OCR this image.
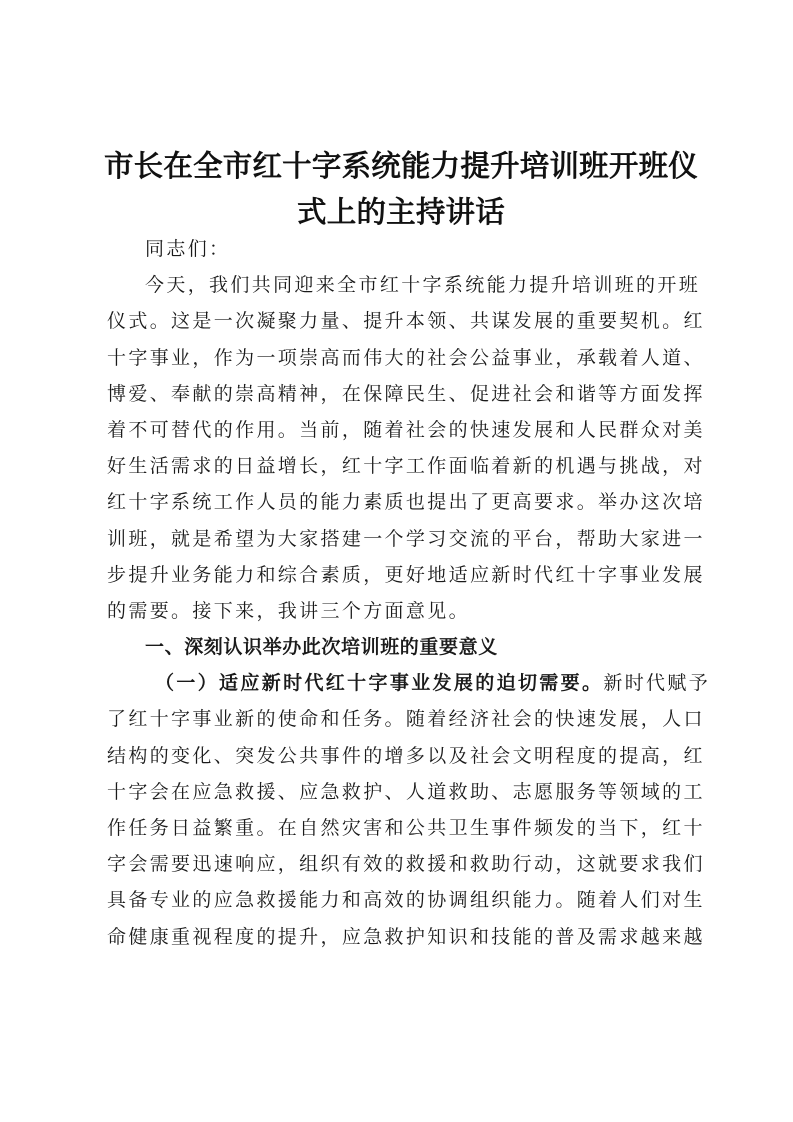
市长在全市红十字系统能力提升培训班开班仪
式上的主持讲话
同志们：
今天，我们共同迎来全市红十字系统能力提升培训班的开班
仪式。这是一次凝聚力量、提升本领、共谋发展的重要契机。红
十字事业，作为一项崇高而伟大的社会公益事业，承载着人道、
博爱、奉献的崇高精神，在保障民生、促进社会和谐等方面发挥
着不可替代的作用。当前，随着社会的快速发展和人民群众对美
好生活需求的日益增长，红十字工作面临着新的机遇与挑战，对
红十字系统工作人员的能力素质也提出了更高要求。举办这次培
训班，就是希望为大家搭建一个学习交流的平台，帮助大家进一
步提升业务能力和综合素质，更好地适应新时代红十字事业发展
的需要。接下来，我讲三个方面意见。
一、深刻认识举办此次培训班的重要意义
（一）适应新时代红十字事业发展的迫切需要。新时代赋予
了红十字事业新的使命和任务。随着经济社会的快速发展，人口
结构的变化、突发公共事件的增多以及社会文明程度的提高，红
十字会在应急救援、应急救护、人道救助、志愿服务等领域的工
作任务日益繁重。在自然灾害和公共卫生事件频发的当下，红十
字会需要迅速响应，组织有效的救援和救助行动，这就要求我们
具备专业的应急救援能力和高效的协调组织能力。随着人们对生
命健康重视程度的提升，应急救护知识和技能的普及需求越来越
